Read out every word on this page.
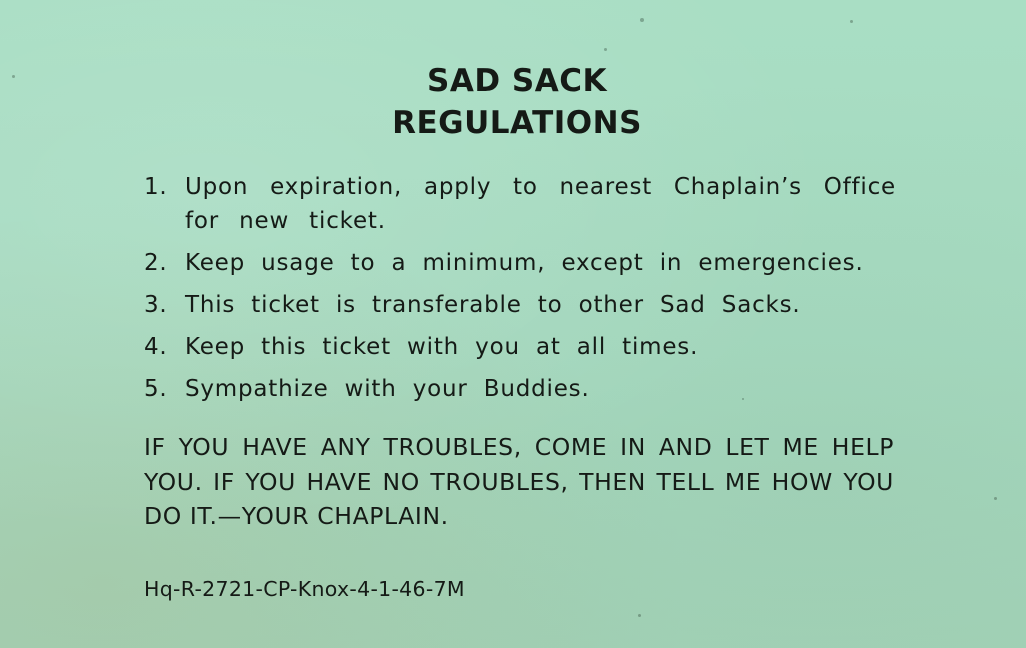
SAD SACK
REGULATIONS
1. Upon expiration, apply to nearest Chaplain’s Office for new ticket.
2. Keep usage to a minimum, except in emergencies.
3. This ticket is transferable to other Sad Sacks.
4. Keep this ticket with you at all times.
5. Sympathize with your Buddies.

IF YOU HAVE ANY TROUBLES, COME IN AND LET ME HELP YOU. IF YOU HAVE NO TROUBLES, THEN TELL ME HOW YOU DO IT.—YOUR CHAPLAIN.

Hq-R-2721-CP-Knox-4-1-46-7M
